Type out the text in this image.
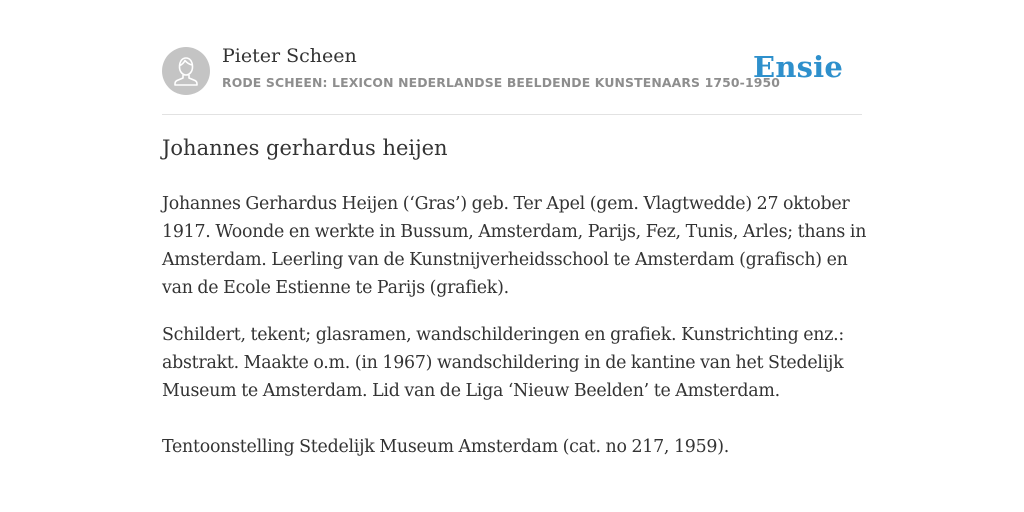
Pieter Scheen
RODE SCHEEN: LEXICON NEDERLANDSE BEELDENDE KUNSTENAARS 1750-1950
Ensie
Johannes gerhardus heijen

Johannes Gerhardus Heijen (‘Gras’) geb. Ter Apel (gem. Vlagtwedde) 27 oktober 1917. Woonde en werkte in Bussum, Amsterdam, Parijs, Fez, Tunis, Arles; thans in Amsterdam. Leerling van de Kunstnijverheidsschool te Amsterdam (grafisch) en van de Ecole Estienne te Parijs (grafiek).

Schildert, tekent; glasramen, wandschilderingen en grafiek. Kunstrichting enz.: abstrakt. Maakte o.m. (in 1967) wandschildering in de kantine van het Stedelijk Museum te Amsterdam. Lid van de Liga ‘Nieuw Beelden’ te Amsterdam.

Tentoonstelling Stedelijk Museum Amsterdam (cat. no 217, 1959).
